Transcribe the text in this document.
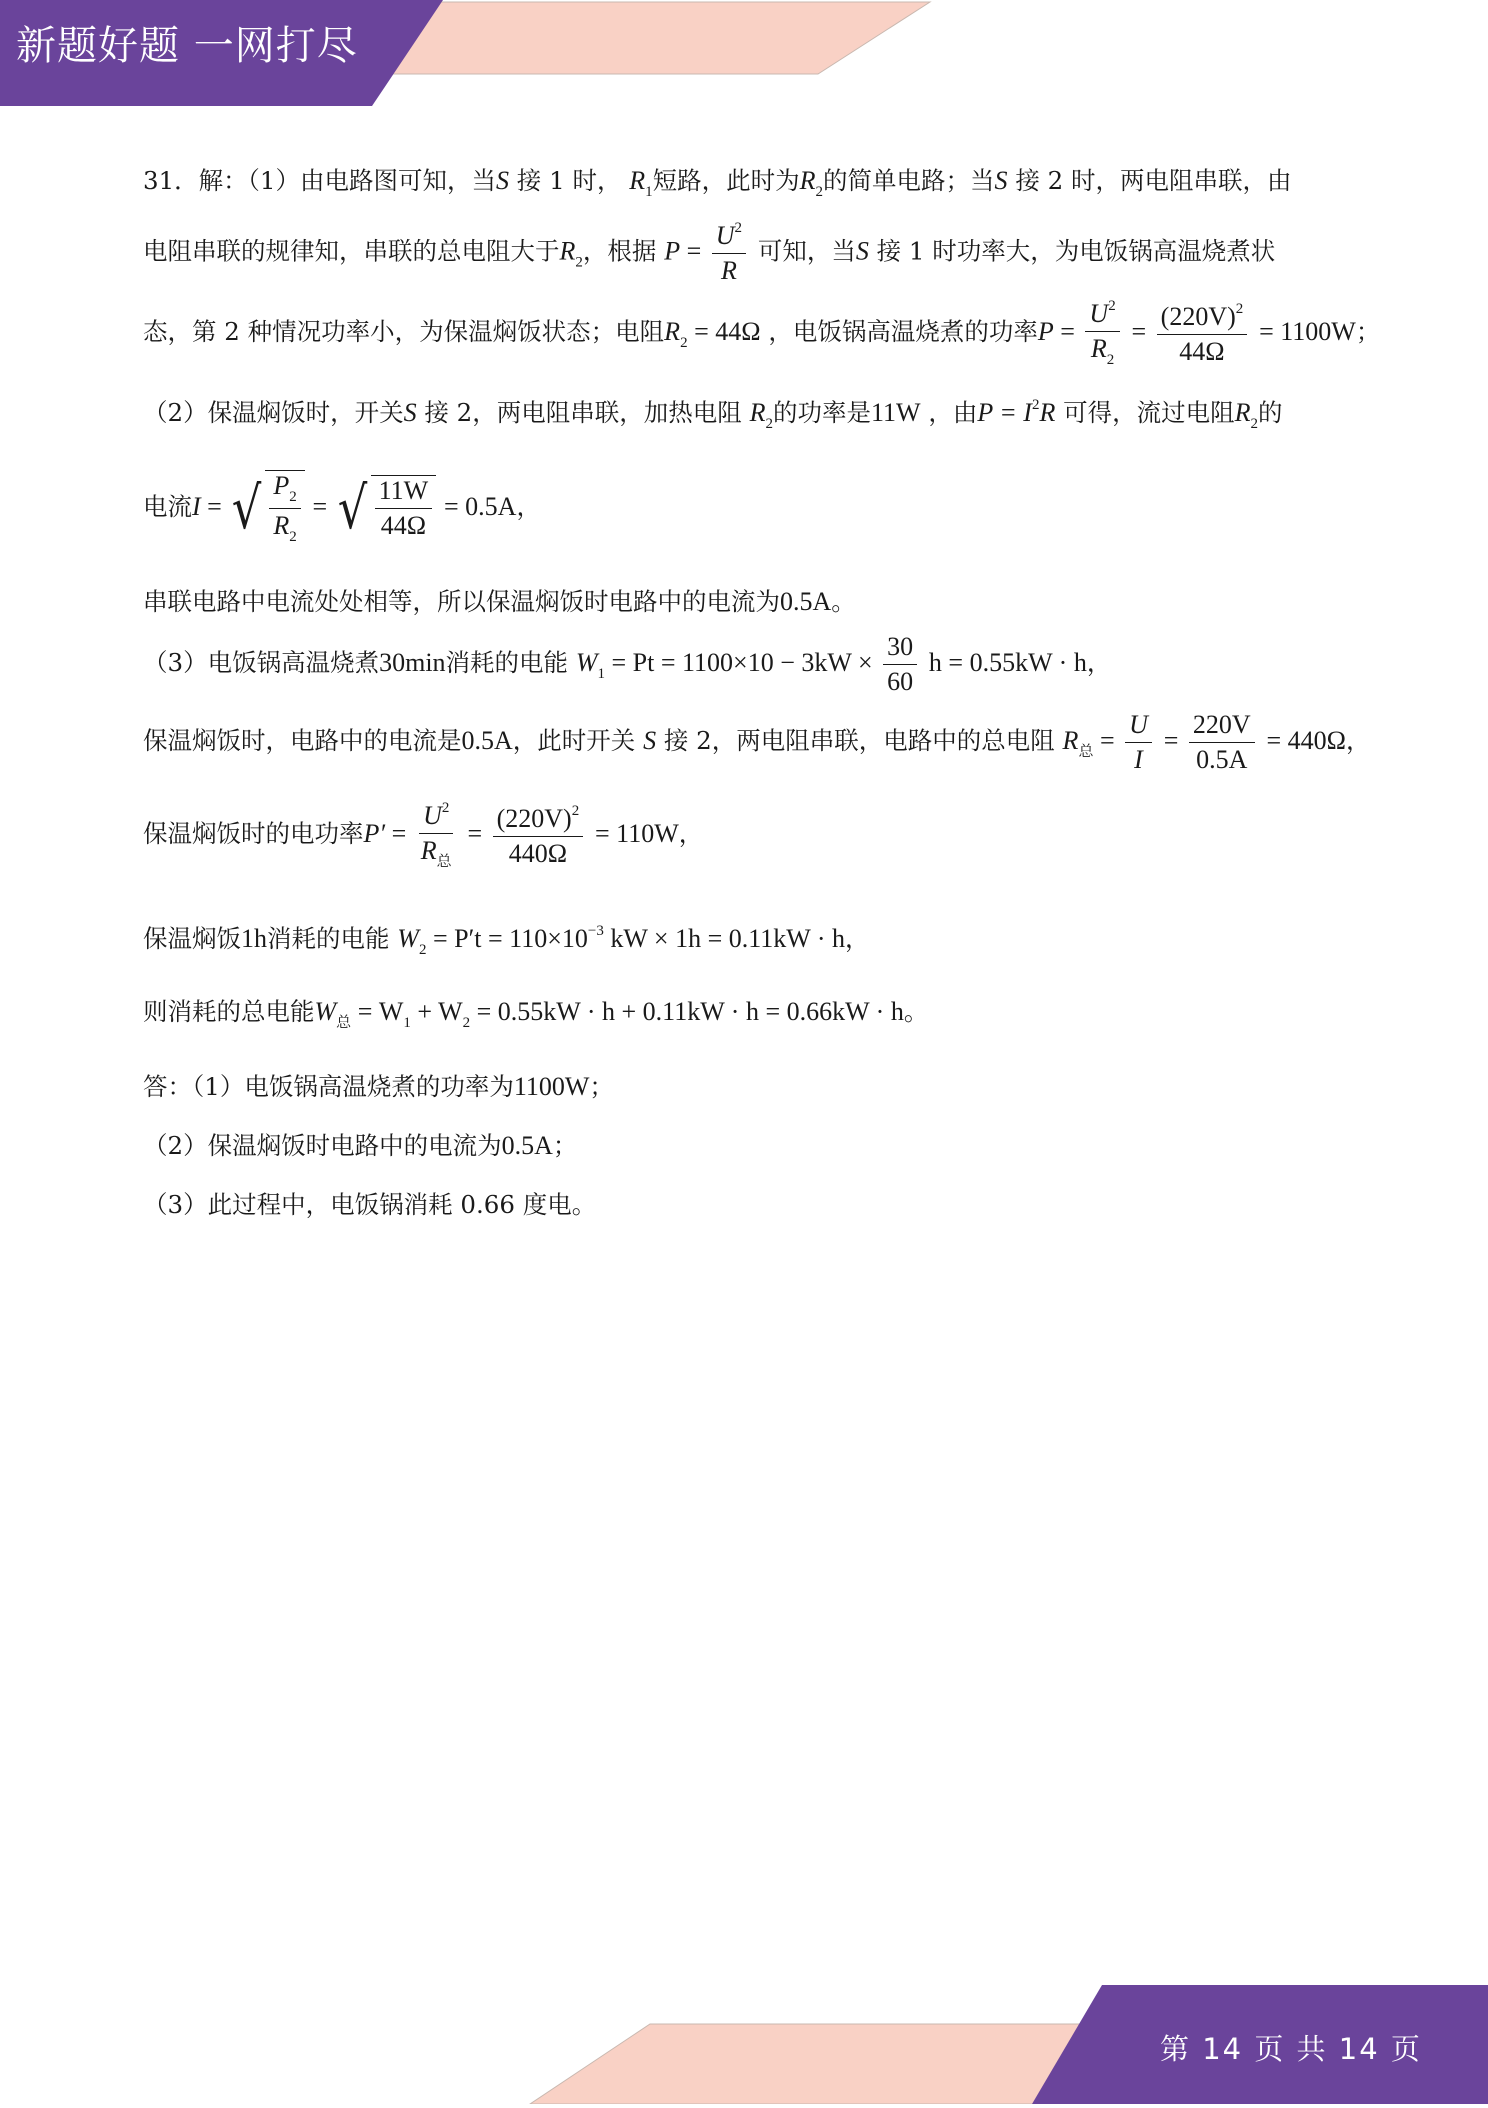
新题好题 一网打尽
31．解：（1）由电路图可知，当S 接 1 时， $R_1$短路，此时为$R_2$的简单电路；当S 接 2 时，两电阻串联，由
电阻串联的规律知，串联的总电阻大于$R_2$，根据 $P = \frac{U^2}{R}$ 可知，当S 接 1 时功率大，为电饭锅高温烧煮状
态，第 2 种情况功率小，为保温焖饭状态；电阻$R_2 = 44\Omega$ ，电饭锅高温烧煮的功率$P = \frac{U^2}{R_2} = \frac{(220V)^2}{44\Omega} = 1100W$；
（2）保温焖饭时，开关S 接 2，两电阻串联，加热电阻 $R_2$的功率是11W ，由$P = I^2R$ 可得，流过电阻$R_2$的
电流I = √ $\frac{P_2}{R_2}$ = √ $\frac{11W}{44\Omega} = 0.5A$，
串联电路中电流处处相等，所以保温焖饭时电路中的电流为0.5A。
（3）电饭锅高温烧煮30min消耗的电能 $W_1 = Pt = 1100\times 10 - 3kW \times \frac{30}{60}$ h = 0.55kW · h，
保温焖饭时，电路中的电流是0.5A，此时开关 S 接 2，两电阻串联，电路中的总电阻 $R_总 = \frac{U}{I} = \frac{220V}{0.5A} = 440\Omega$，
保温焖饭时的电功率$P' = \frac{U^2}{R_总} = \frac{(220V)^2}{440\Omega} = 110W$，
保温焖饭1h消耗的电能 $W_2 = P't = 110\times 10^{-3}$ kW × 1h = 0.11kW · h，
则消耗的总电能$W_总 = W_1 + W_2 = 0.55kW \cdot h + 0.11kW \cdot h = 0.66kW \cdot h$。
答：（1）电饭锅高温烧煮的功率为1100W；
（2）保温焖饭时电路中的电流为0.5A；
（3）此过程中，电饭锅消耗 0.66 度电。
第 14 页 共 14 页
